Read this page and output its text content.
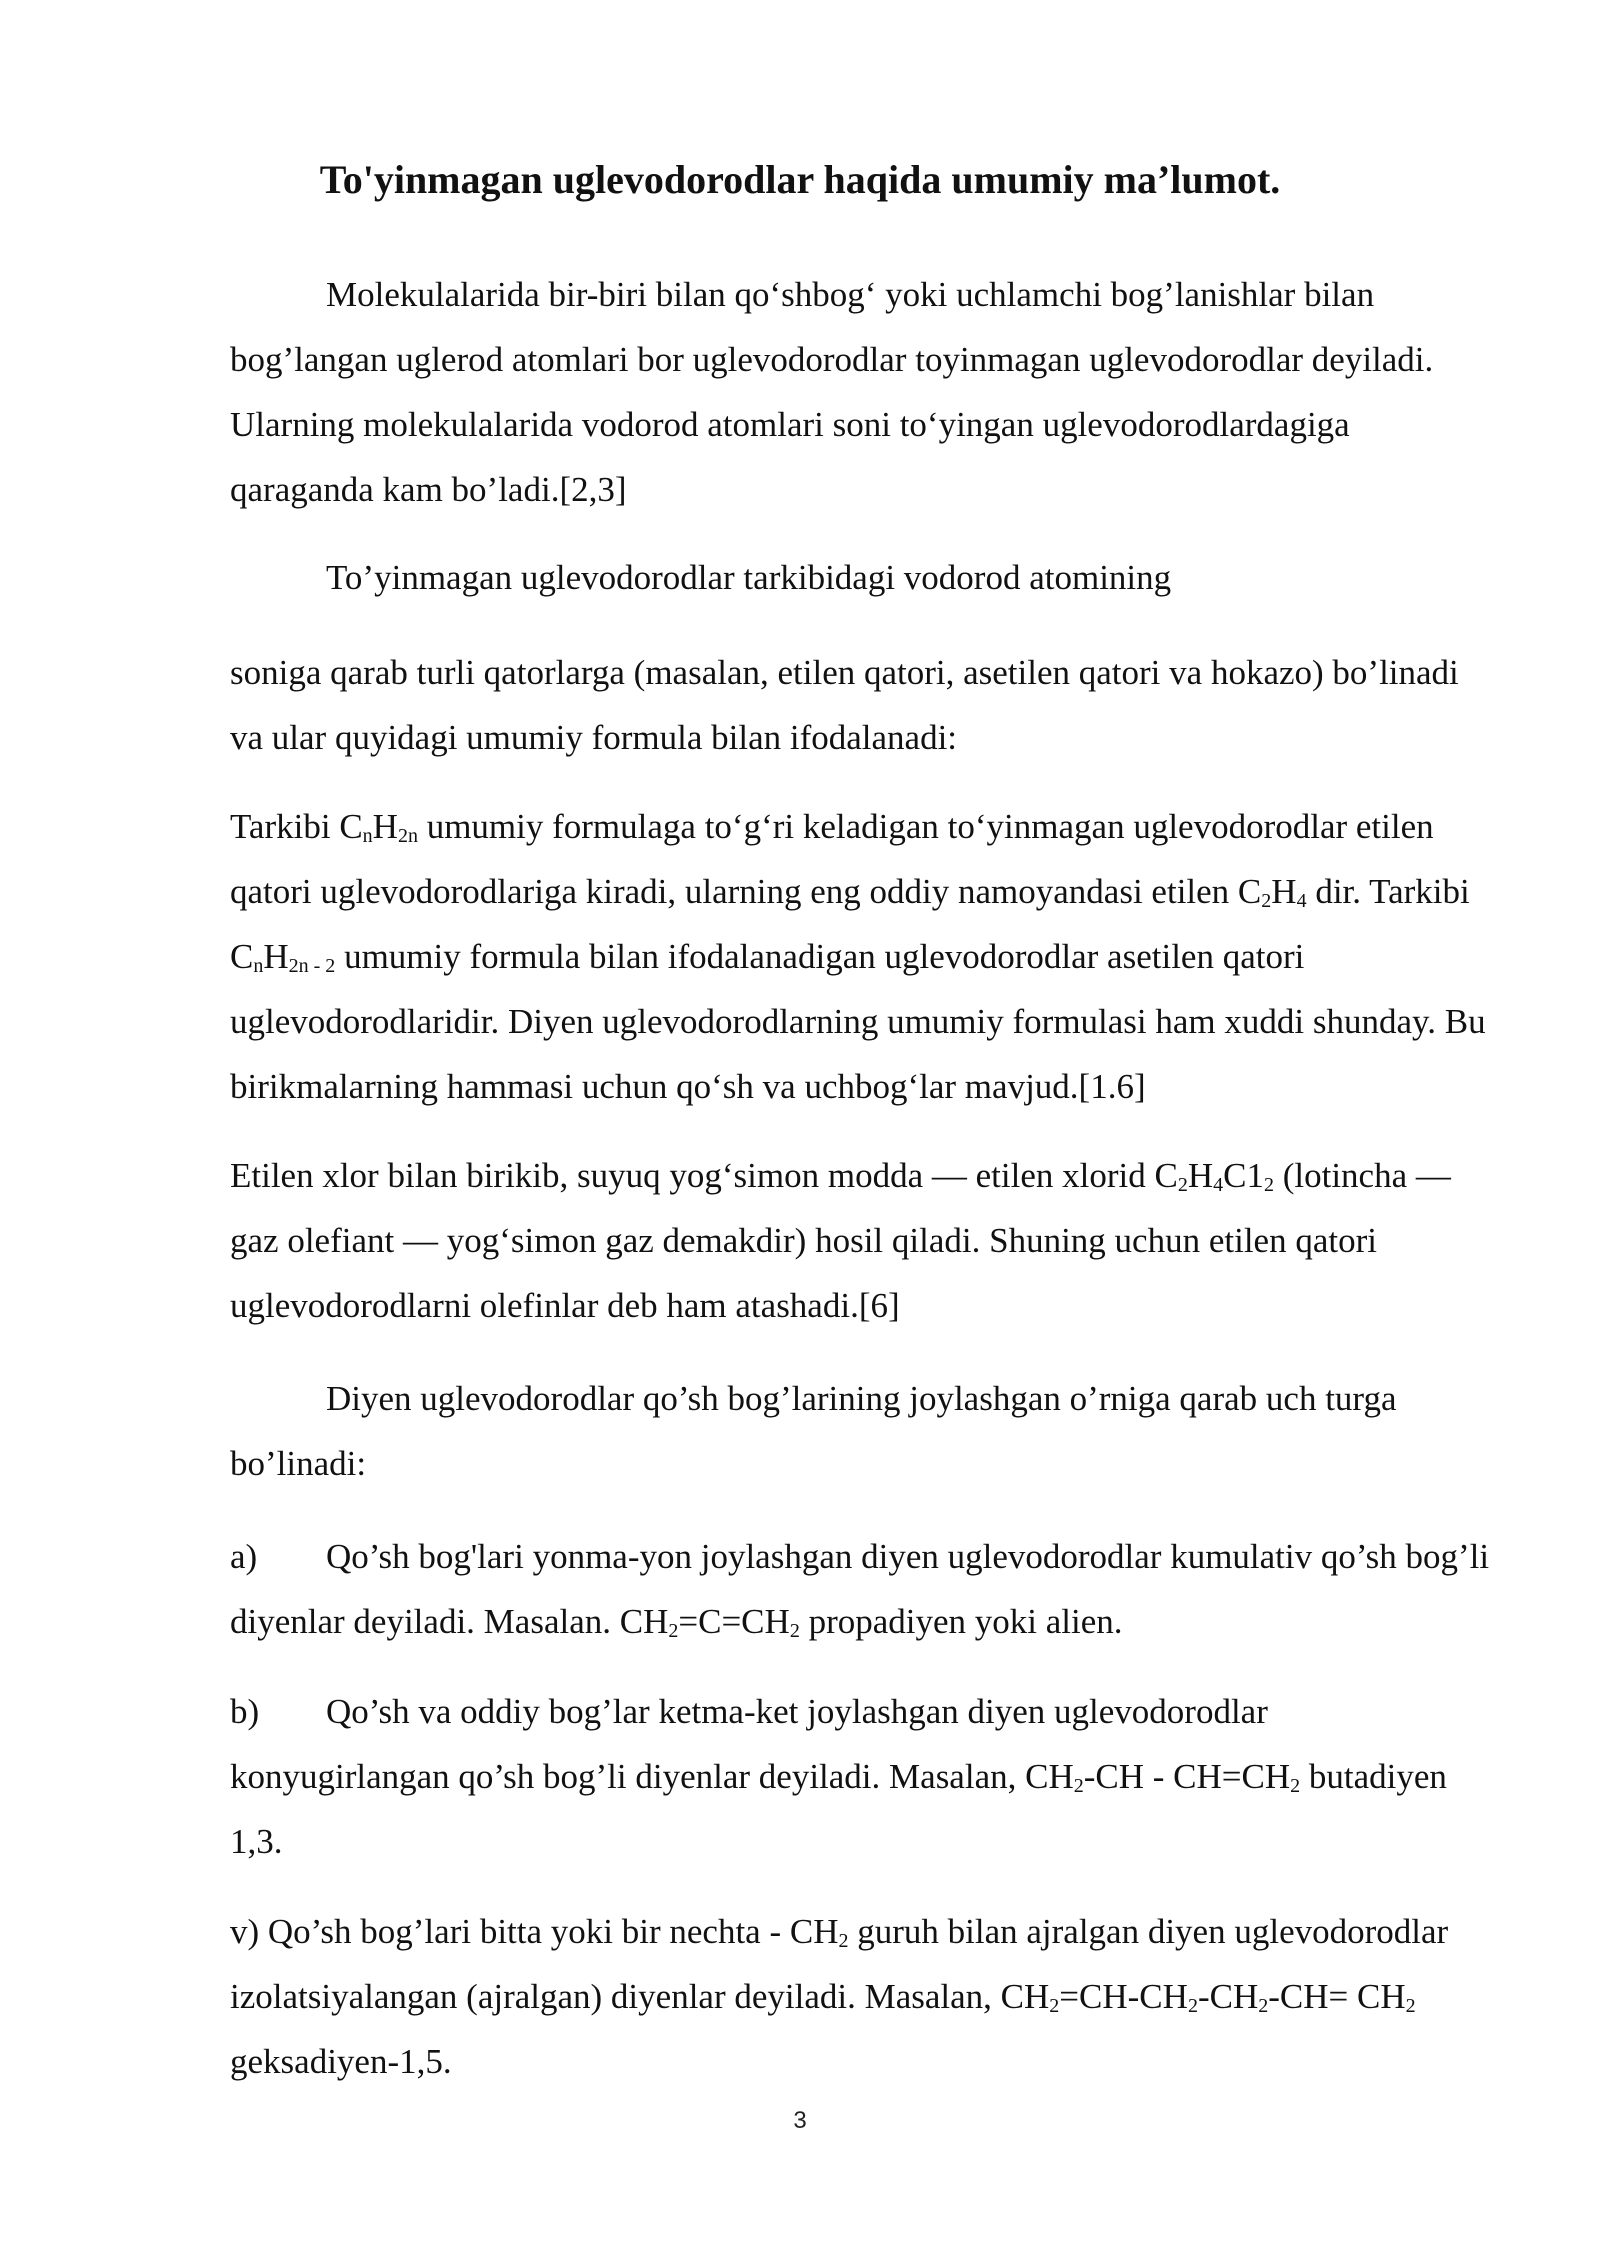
To'yinmagan uglevodorodlar haqida umumiy ma’lumot.

Molekulalarida bir-biri bilan qo‘shbog‘ yoki uchlamchi bog’lanishlar bilan bog’langan uglerod atomlari bor uglevodorodlar toyinmagan uglevodorodlar deyiladi. Ularning molekulalarida vodorod atomlari soni to‘yingan uglevodorodlardagiga qaraganda kam bo’ladi.[2,3]

To’yinmagan uglevodorodlar tarkibidagi vodorod atomining

soniga qarab turli qatorlarga (masalan, etilen qatori, asetilen qatori va hokazo) bo’linadi va ular quyidagi umumiy formula bilan ifodalanadi:

Tarkibi $C_nH_{2n}$ umumiy formulaga to‘g‘ri keladigan to‘yinmagan uglevodorodlar etilen qatori uglevodorodlariga kiradi, ularning eng oddiy namoyandasi etilen $C_2H_4$ dir. Tarkibi $C_nH_{2n - 2}$ umumiy formula bilan ifodalanadigan uglevodorodlar asetilen qatori uglevodorodlaridir. Diyen uglevodorodlarning umumiy formulasi ham xuddi shunday. Bu birikmalarning hammasi uchun qo‘sh va uchbog‘lar mavjud.[1.6]

Etilen xlor bilan birikib, suyuq yog‘simon modda — etilen xlorid $C_2H_4C1_2$ (lotincha — gaz olefiant — yog‘simon gaz demakdir) hosil qiladi. Shuning uchun etilen qatori uglevodorodlarni olefinlar deb ham atashadi.[6]

Diyen uglevodorodlar qo’sh bog’larining joylashgan o’rniga qarab uch turga bo’linadi:

a) Qo’sh bog'lari yonma-yon joylashgan diyen uglevodorodlar kumulativ qo’sh bog’li diyenlar deyiladi. Masalan. $CH_2=C=CH_2$ propadiyen yoki alien.

b) Qo’sh va oddiy bog’lar ketma-ket joylashgan diyen uglevodorodlar konyugirlangan qo’sh bog’li diyenlar deyiladi. Masalan, $CH_2-CH - CH=CH_2$ butadiyen 1,3.

v) Qo’sh bog’lari bitta yoki bir nechta - $CH_2$ guruh bilan ajralgan diyen uglevodorodlar izolatsiyalangan (ajralgan) diyenlar deyiladi. Masalan, $CH_2=CH-CH_2-CH_2-CH= CH_2$ geksadiyen-1,5.

3
